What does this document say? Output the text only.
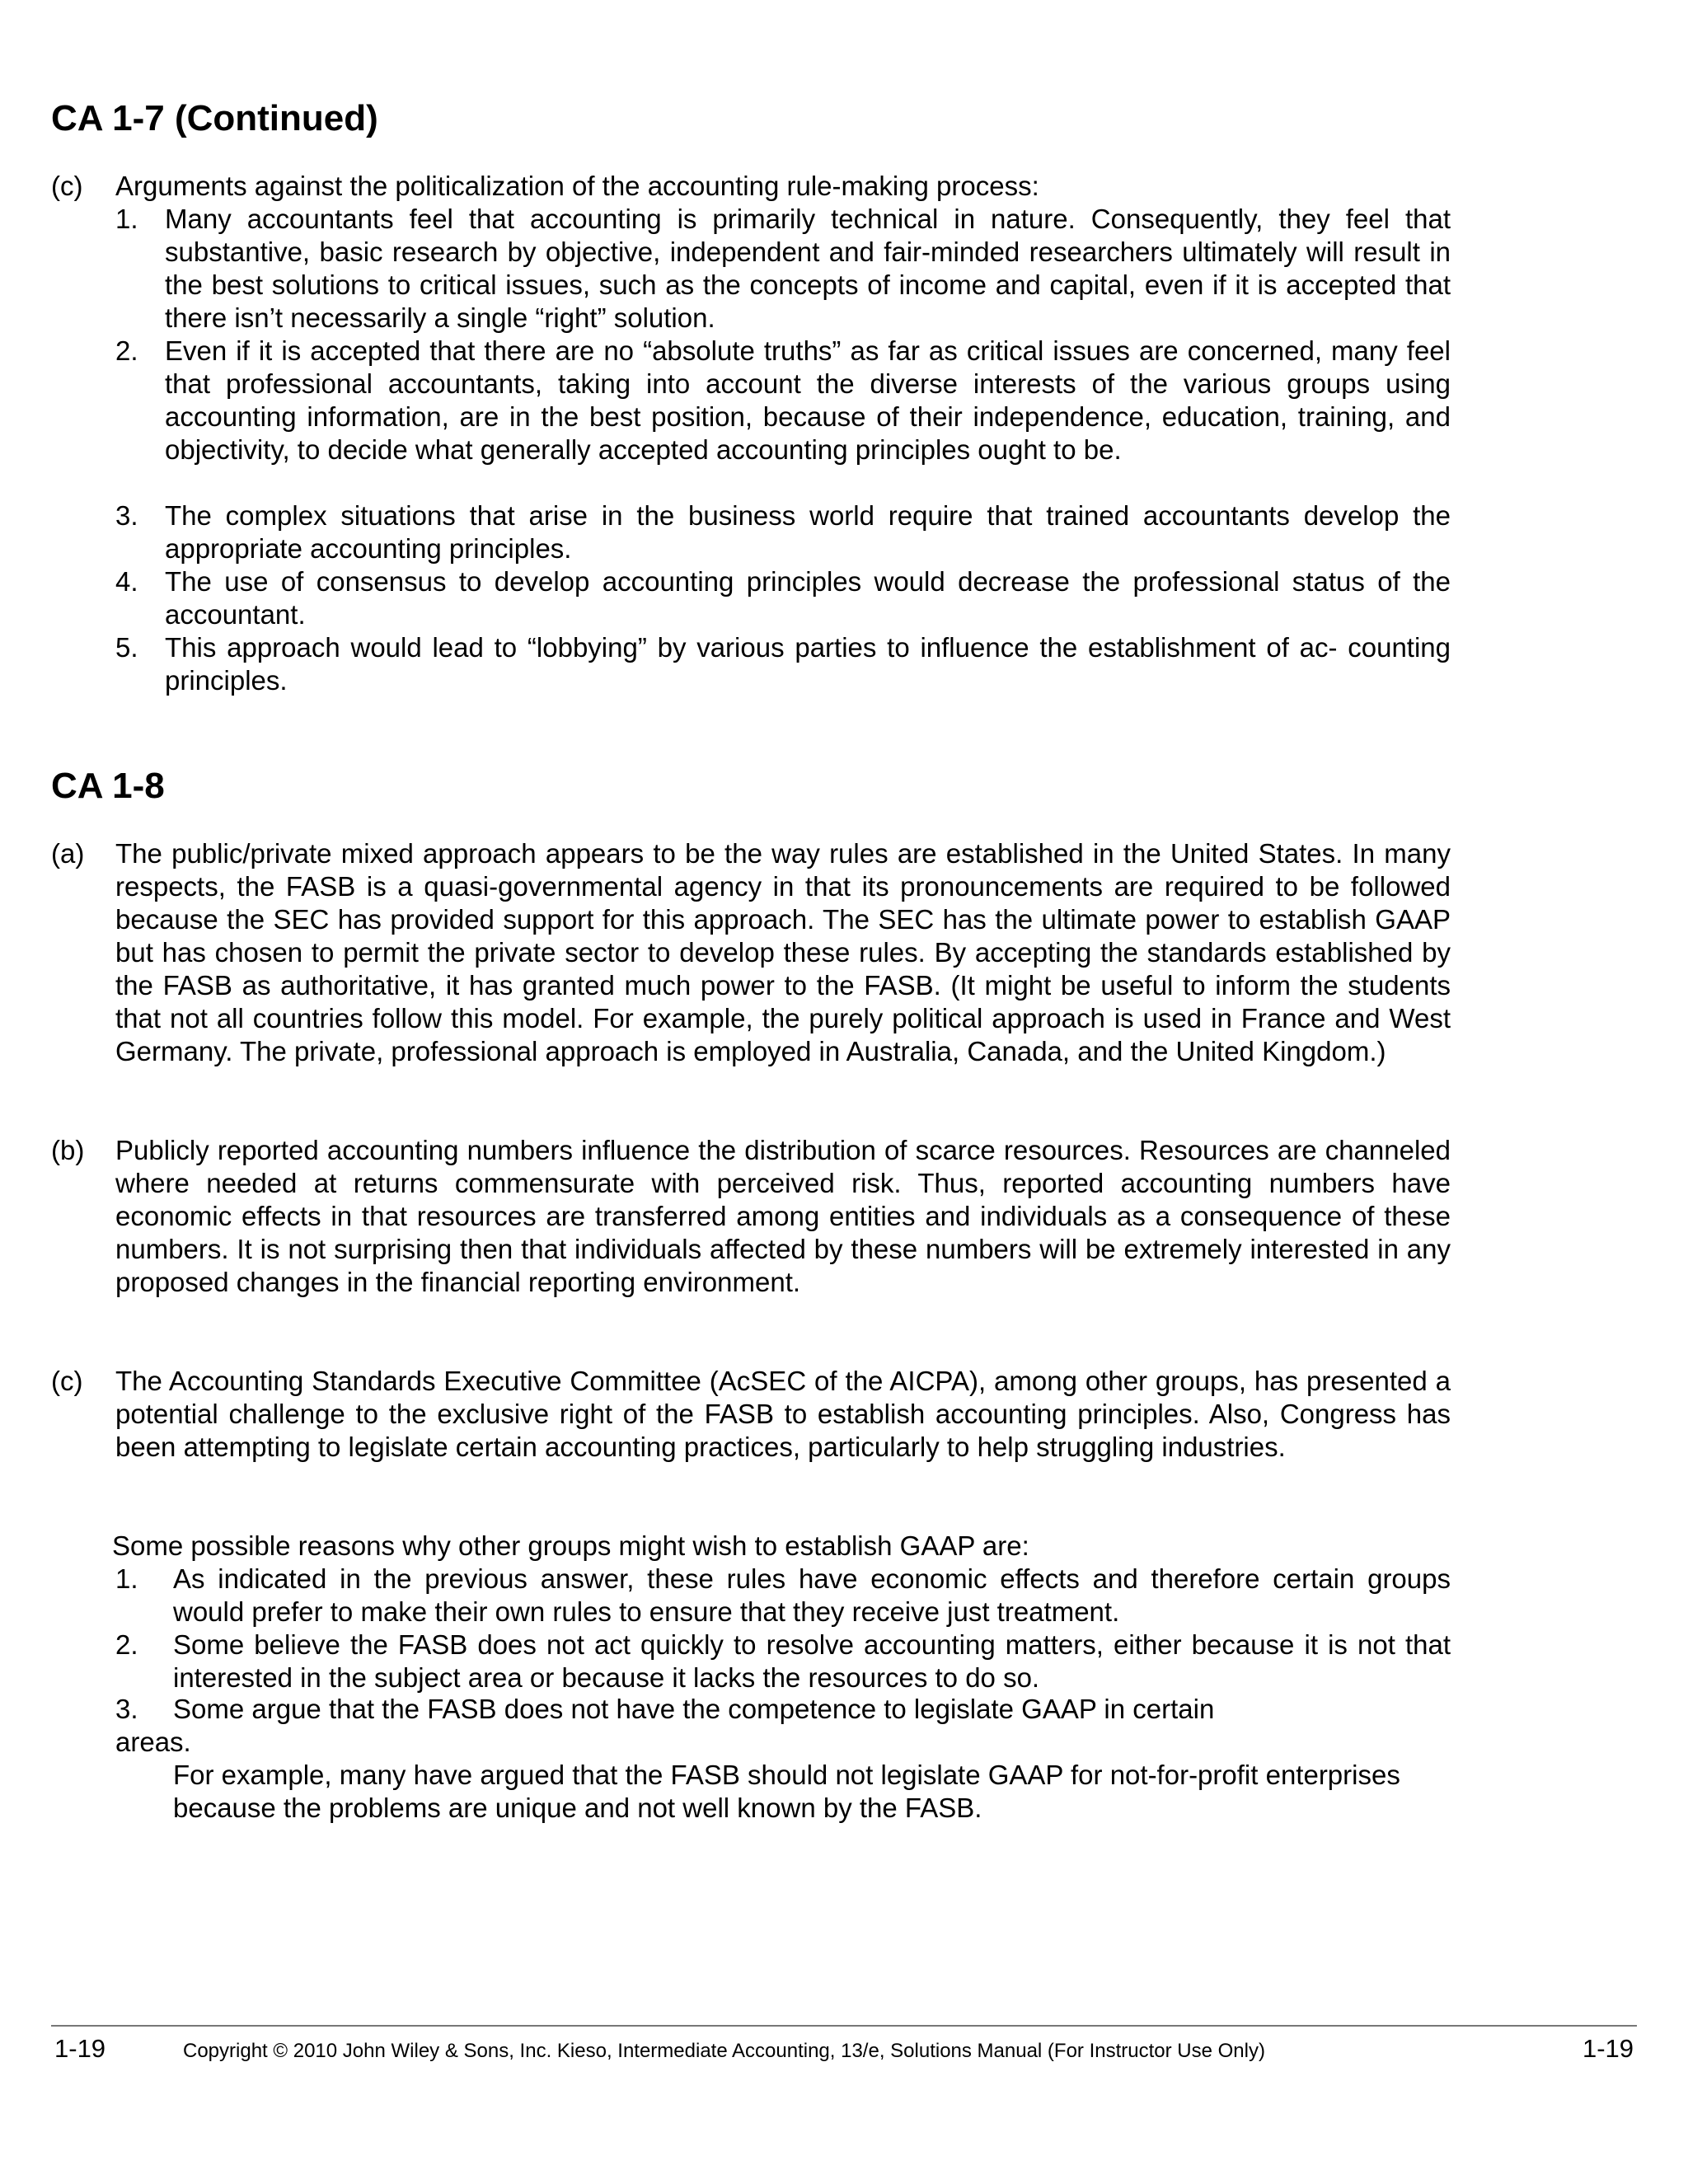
CA 1-7 (Continued)
(c) Arguments against the politicalization of the accounting rule-making process:
1. Many accountants feel that accounting is primarily technical in nature. Consequently, they feel that substantive, basic research by objective, independent and fair-minded researchers ultimately will result in the best solutions to critical issues, such as the concepts of income and capital, even if it is accepted that there isn’t necessarily a single “right” solution.
2. Even if it is accepted that there are no “absolute truths” as far as critical issues are concerned, many feel that professional accountants, taking into account the diverse interests of the various groups using accounting information, are in the best position, because of their independence, education, training, and objectivity, to decide what generally accepted accounting principles ought to be.
3. The complex situations that arise in the business world require that trained accountants develop the appropriate accounting principles.
4. The use of consensus to develop accounting principles would decrease the professional status of the accountant.
5. This approach would lead to “lobbying” by various parties to influence the establishment of ac- counting principles.
CA 1-8
(a) The public/private mixed approach appears to be the way rules are established in the United States. In many respects, the FASB is a quasi-governmental agency in that its pronouncements are required to be followed because the SEC has provided support for this approach. The SEC has the ultimate power to establish GAAP but has chosen to permit the private sector to develop these rules. By accepting the standards established by the FASB as authoritative, it has granted much power to the FASB. (It might be useful to inform the students that not all countries follow this model. For example, the purely political approach is used in France and West Germany. The private, professional approach is employed in Australia, Canada, and the United Kingdom.)
(b) Publicly reported accounting numbers influence the distribution of scarce resources. Resources are channeled where needed at returns commensurate with perceived risk. Thus, reported accounting numbers have economic effects in that resources are transferred among entities and individuals as a consequence of these numbers. It is not surprising then that individuals affected by these numbers will be extremely interested in any proposed changes in the financial reporting environment.
(c) The Accounting Standards Executive Committee (AcSEC of the AICPA), among other groups, has presented a potential challenge to the exclusive right of the FASB to establish accounting principles. Also, Congress has been attempting to legislate certain accounting practices, particularly to help struggling industries.
Some possible reasons why other groups might wish to establish GAAP are:
1. As indicated in the previous answer, these rules have economic effects and therefore certain groups would prefer to make their own rules to ensure that they receive just treatment.
2. Some believe the FASB does not act quickly to resolve accounting matters, either because it is not that interested in the subject area or because it lacks the resources to do so.
3. Some argue that the FASB does not have the competence to legislate GAAP in certain
areas.
For example, many have argued that the FASB should not legislate GAAP for not-for-profit enterprises because the problems are unique and not well known by the FASB.
1-19	Copyright © 2010 John Wiley & Sons, Inc. Kieso, Intermediate Accounting, 13/e, Solutions Manual (For Instructor Use Only)	1-19
